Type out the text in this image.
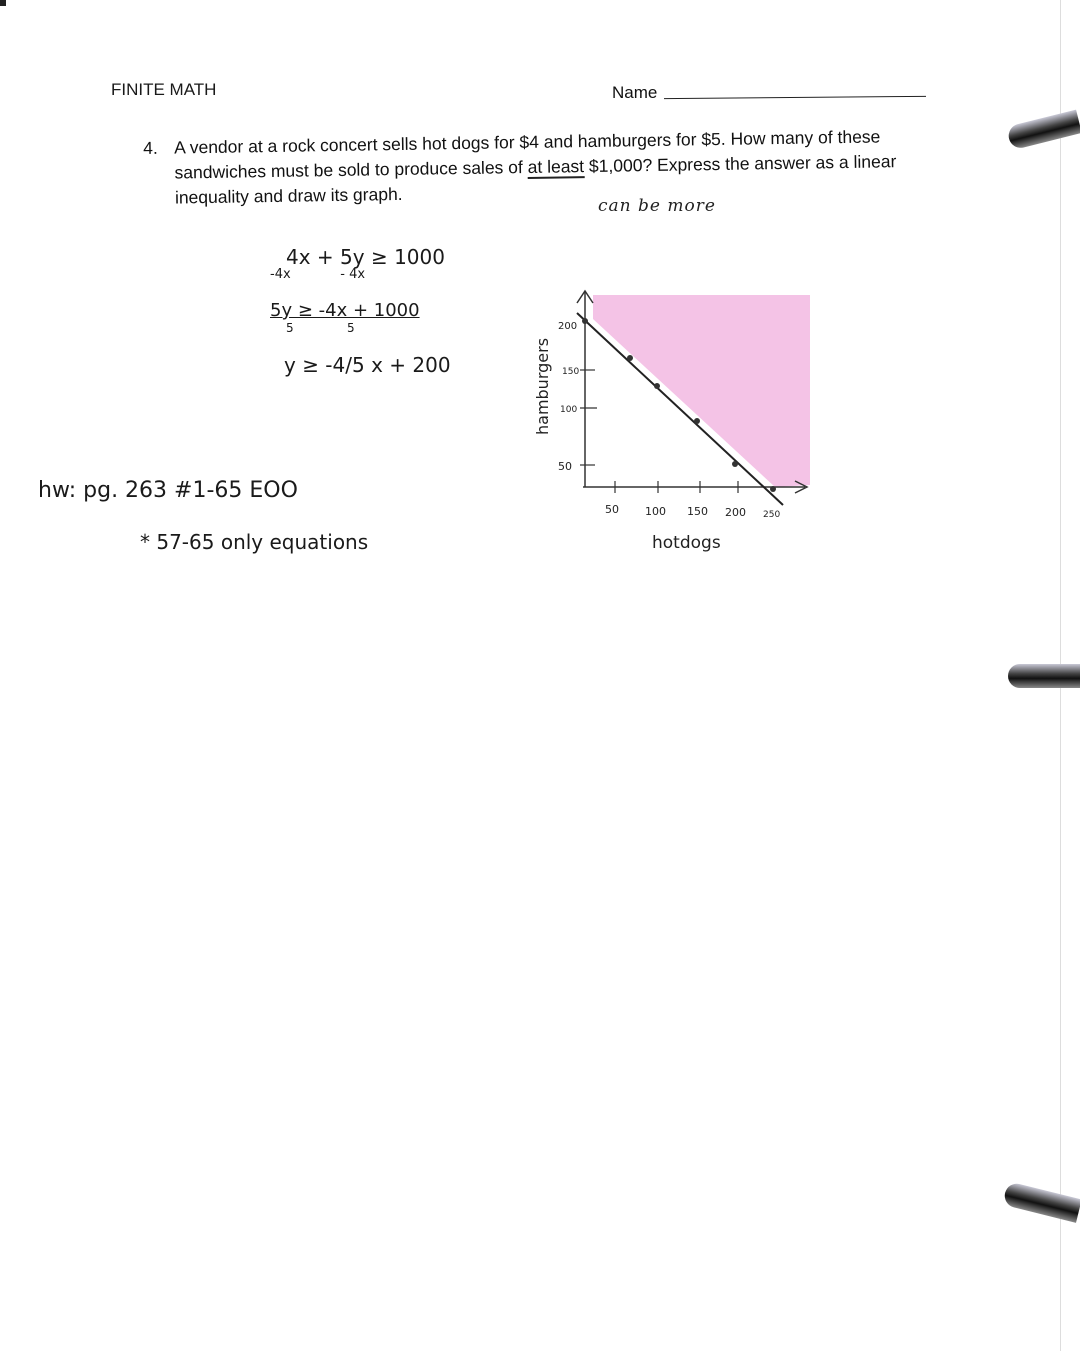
FINITE MATH	Name
4. A vendor at a rock concert sells hot dogs for $4 and hamburgers for $5. How many of these sandwiches must be sold to produce sales of at least $1,000? Express the answer as a linear inequality and draw its graph.	can be more
4x + 5y ≥ 1000
-4x            - 4x
5y ≥ -4x + 1000
5              5
y ≥ -4/5 x + 200
hw: pg. 263 #1-65 EOO
* 57-65 only equations
50 100 150 200 250
200
150
100
50
hotdogs
hamburgers
